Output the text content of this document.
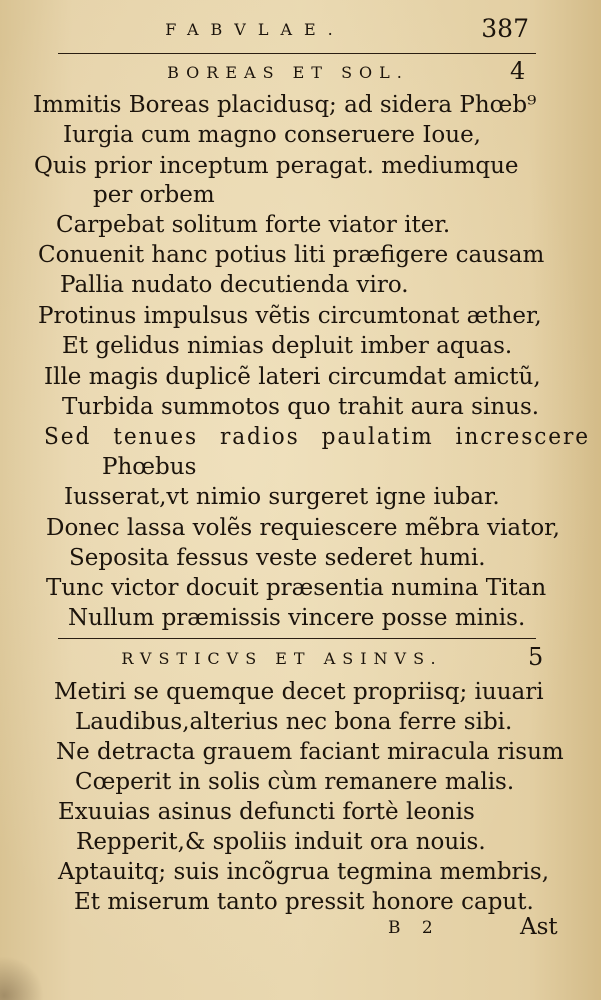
FABVLAE.	387
BOREAS ET SOL.	4
Immitis Boreas placidusq; ad sidera Phœb⁹
Iurgia cum magno conseruere Ioue,
Quis prior inceptum peragat. mediumque
per orbem
Carpebat solitum forte viator iter.
Conuenit hanc potius liti præfigere causam
Pallia nudato decutienda viro.
Protinus impulsus vẽtis circumtonat æther,
Et gelidus nimias depluit imber aquas.
Ille magis duplicẽ lateri circumdat amictũ,
Turbida summotos quo trahit aura sinus.
Sed tenues radios paulatim increscere
Phœbus
Iusserat,vt nimio surgeret igne iubar.
Donec lassa volẽs requiescere mẽbra viator,
Seposita fessus veste sederet humi.
Tunc victor docuit præsentia numina Titan
Nullum præmissis vincere posse minis.
RVSTICVS ET ASINVS.	5
Metiri se quemque decet propriisq; iuuari
Laudibus,alterius nec bona ferre sibi.
Ne detracta grauem faciant miracula risum
Cœperit in solis cùm remanere malis.
Exuuias asinus defuncti fortè leonis
Repperit,& spoliis induit ora nouis.
Aptauitq; suis incõgrua tegmina membris,
Et miserum tanto pressit honore caput.
B 2	Ast
